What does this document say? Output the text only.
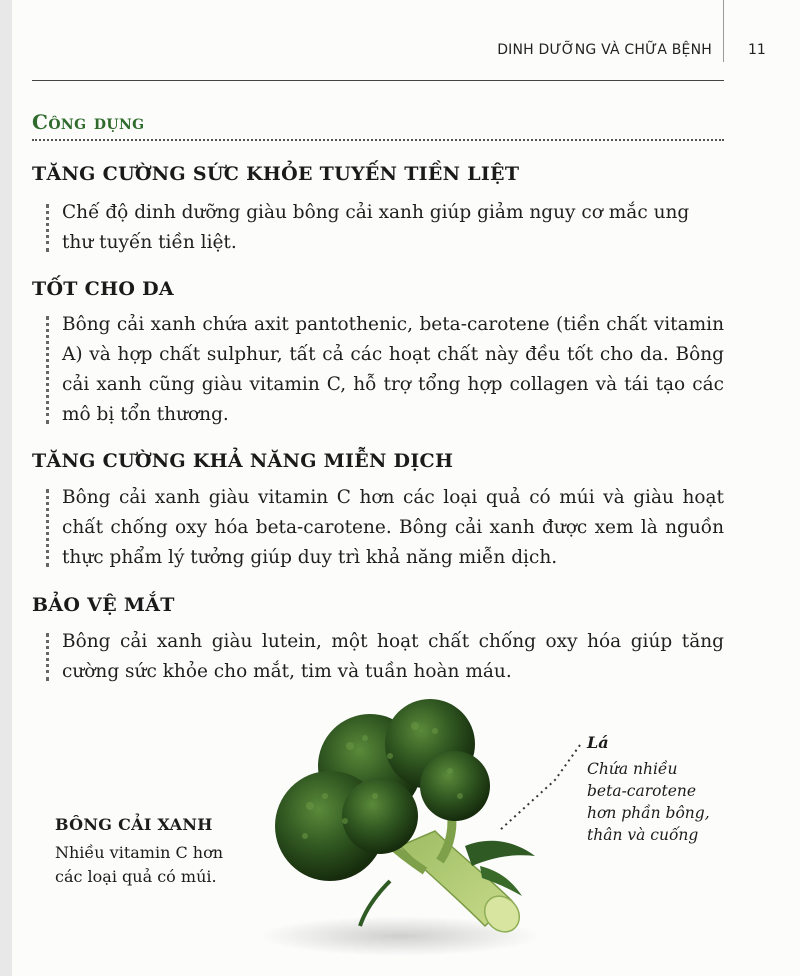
DINH DƯỠNG VÀ CHỮA BỆNH	11
Công dụng
TĂNG CƯỜNG SỨC KHỎE TUYẾN TIỀN LIỆT
Chế độ dinh dưỡng giàu bông cải xanh giúp giảm nguy cơ mắc ung thư tuyến tiền liệt.
TỐT CHO DA
Bông cải xanh chứa axit pantothenic, beta-carotene (tiền chất vitamin A) và hợp chất sulphur, tất cả các hoạt chất này đều tốt cho da. Bông cải xanh cũng giàu vitamin C, hỗ trợ tổng hợp collagen và tái tạo các mô bị tổn thương.
TĂNG CƯỜNG KHẢ NĂNG MIỄN DỊCH
Bông cải xanh giàu vitamin C hơn các loại quả có múi và giàu hoạt chất chống oxy hóa beta-carotene. Bông cải xanh được xem là nguồn thực phẩm lý tưởng giúp duy trì khả năng miễn dịch.
BẢO VỆ MẮT
Bông cải xanh giàu lutein, một hoạt chất chống oxy hóa giúp tăng cường sức khỏe cho mắt, tim và tuần hoàn máu.
BÔNG CẢI XANH
Nhiều vitamin C hơn
các loại quả có múi.
Lá
Chứa nhiều
beta-carotene
hơn phần bông,
thân và cuống
